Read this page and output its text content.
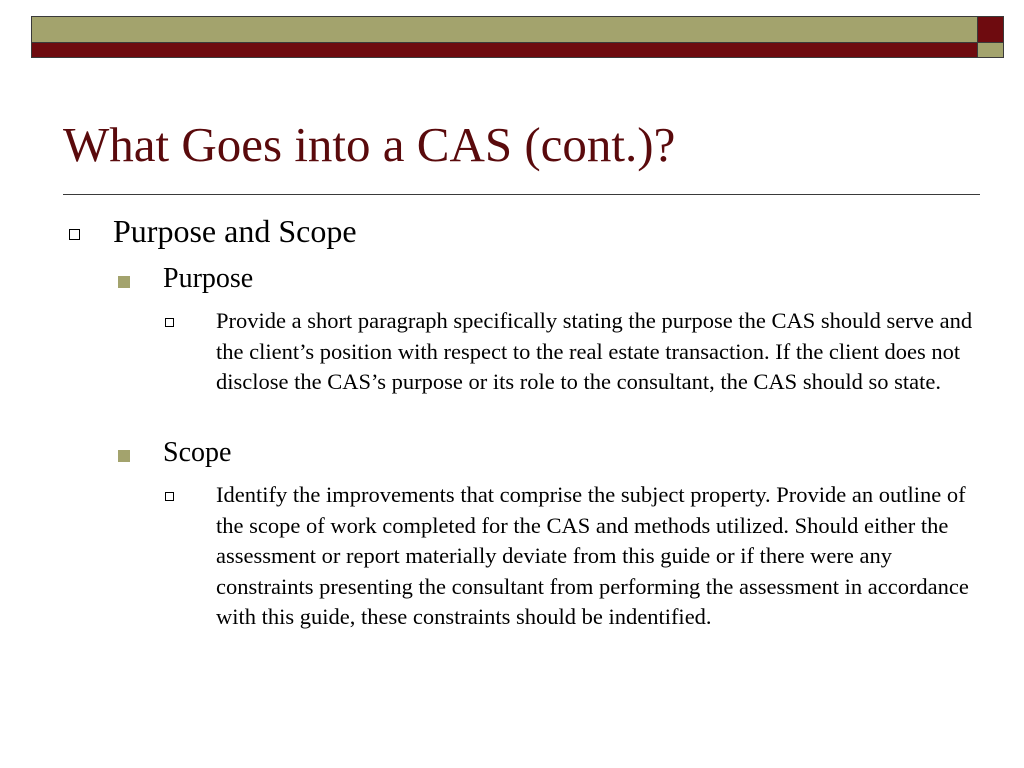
What Goes into a CAS (cont.)?
Purpose and Scope
Purpose
Provide a short paragraph specifically stating the purpose the CAS should serve and the client’s position with respect to the real estate transaction. If the client does not disclose the CAS’s purpose or its role to the consultant, the CAS should so state.
Scope
Identify the improvements that comprise the subject property. Provide an outline of the scope of work completed for the CAS and methods utilized. Should either the assessment or report materially deviate from this guide or if there were any constraints presenting the consultant from performing the assessment in accordance with this guide, these constraints should be indentified.
